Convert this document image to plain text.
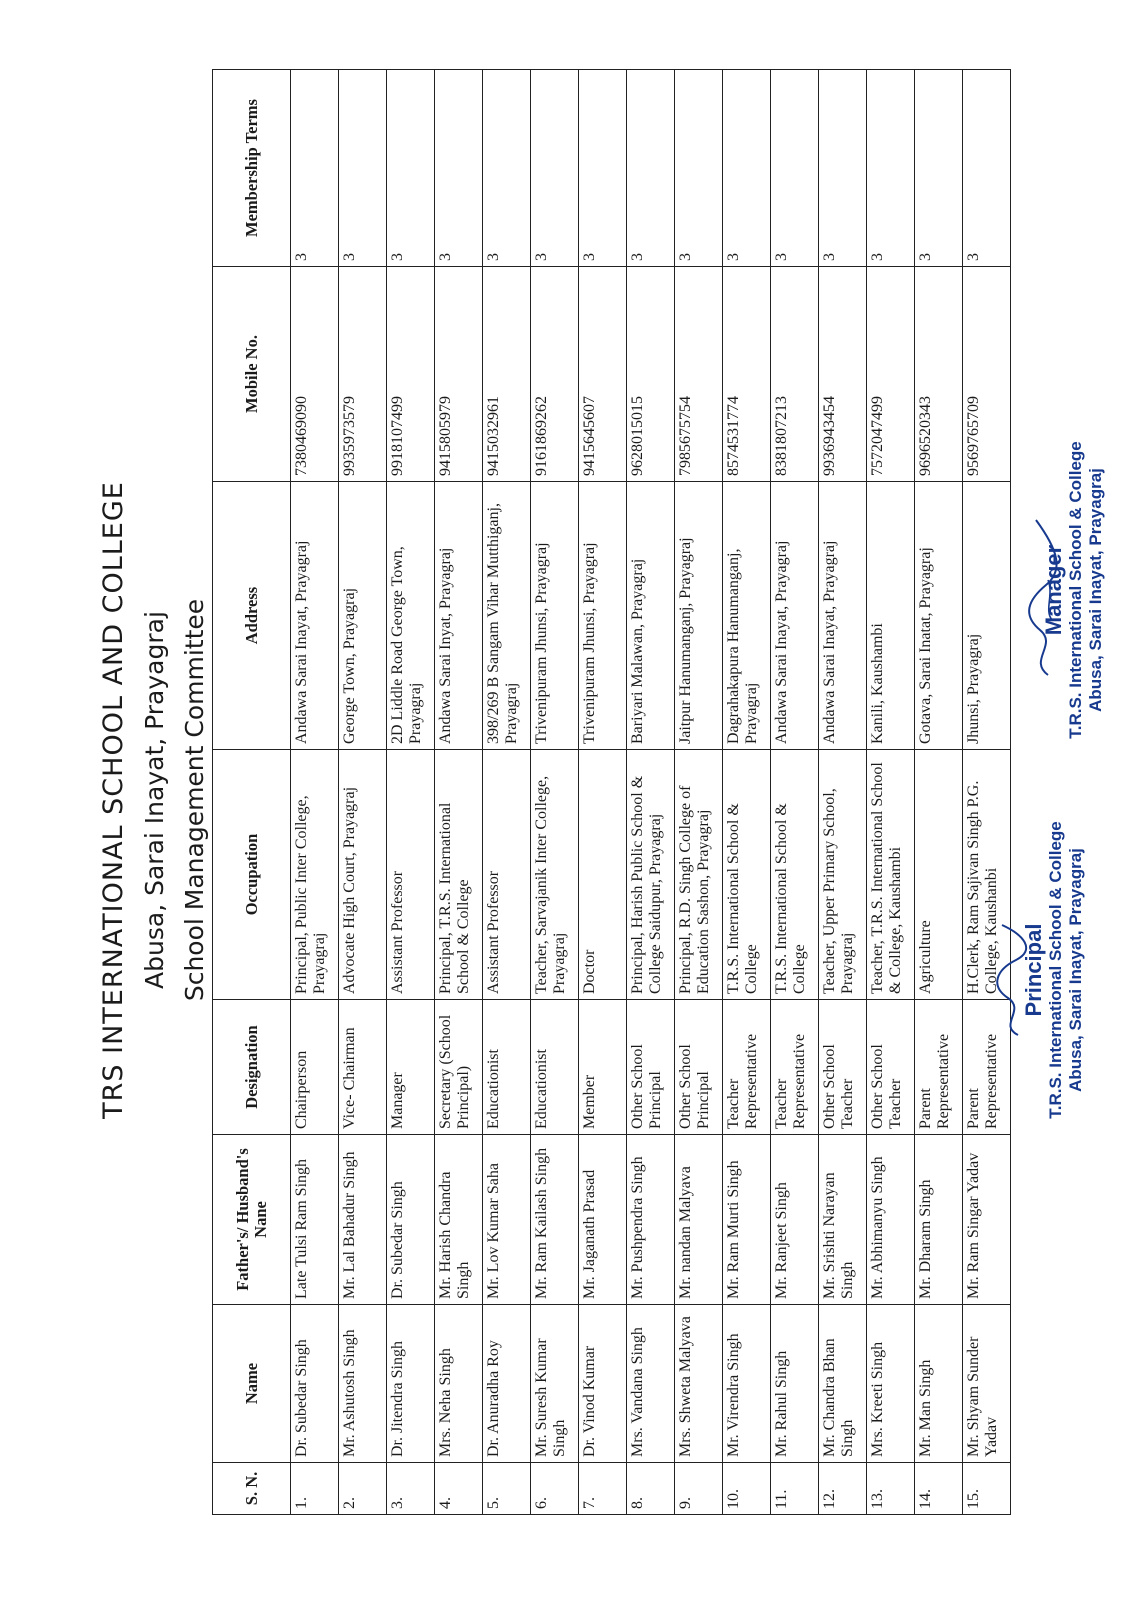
TRS INTERNATIONAL SCHOOL AND COLLEGE Abusa, Sarai Inayat, Prayagraj School Management Committee
S. N.	Name	Father's/ Husband's Nane	Designation	Occupation	Address	Mobile No.	Membership Terms
1.	Dr. Subedar Singh	Late Tulsi Ram Singh	Chairperson	Principal, Public Inter College, Prayagraj	Andawa Sarai Inayat, Prayagraj	7380469090	3
2.	Mr. Ashutosh Singh	Mr. Lal Bahadur Singh	Vice- Chairman	Advocate High Court, Prayagraj	George Town, Prayagraj	9935973579	3
3.	Dr. Jitendra Singh	Dr. Subedar Singh	Manager	Assistant Professor	2D Liddle Road George Town, Prayagraj	9918107499	3
4.	Mrs. Neha Singh	Mr. Harish Chandra Singh	Secretary (School Principal)	Principal, T.R.S. International School & College	Andawa Sarai Inyat, Prayagraj	9415805979	3
5.	Dr. Anuradha Roy	Mr. Lov Kumar Saha	Educationist	Assistant Professor	398/269 B Sangam Vihar Mutthiganj, Prayagraj	9415032961	3
6.	Mr. Suresh Kumar Singh	Mr. Ram Kailash Singh	Educationist	Teacher, Sarvajanik Inter College, Prayagraj	Trivenipuram Jhunsi, Prayagraj	9161869262	3
7.	Dr. Vinod Kumar	Mr. Jaganath Prasad	Member	Doctor	Trivenipuram Jhunsi, Prayagraj	9415645607	3
8.	Mrs. Vandana Singh	Mr. Pushpendra Singh	Other School Principal	Principal, Harish Public School & College Saidupur, Prayagraj	Bariyari Malawan, Prayagraj	9628015015	3
9.	Mrs. Shweta Malyava	Mr. nandan Malyava	Other School Principal	Principal, R.D. Singh College of Education Sashon, Prayagraj	Jaitpur Hanumanganj, Prayagraj	7985675754	3
10.	Mr. Virendra Singh	Mr. Ram Murti Singh	Teacher Representative	T.R.S. International School & College	Dagrahakapura Hanumanganj, Prayagraj	8574531774	3
11.	Mr. Rahul Singh	Mr. Ranjeet Singh	Teacher Representative	T.R.S. International School & College	Andawa Sarai Inayat, Prayagraj	8381807213	3
12.	Mr. Chandra Bhan Singh	Mr. Srishti Narayan Singh	Other School Teacher	Teacher, Upper Primary School, Prayagraj	Andawa Sarai Inayat, Prayagraj	9936943454	3
13.	Mrs. Kreeti Singh	Mr. Abhimanyu Singh	Other School Teacher	Teacher, T.R.S. International School & College, Kaushambi	Kanili, Kaushambi	7572047499	3
14.	Mr. Man Singh	Mr. Dharam Singh	Parent Representative	Agriculture	Gotava, Sarai Inatat, Prayagraj	9696520343	3
15.	Mr. Shyam Sunder Yadav	Mr. Ram Singar Yadav	Parent Representative	H.Clerk, Ram Sajivan Singh P.G. College, Kaushanbi	Jhunsi, Prayagraj	9569765709	3
Manager T.R.S. International School & College Abusa, Sarai Inayat, Prayagraj
Principal T.R.S. International School & College Abusa, Sarai Inayat, Prayagraj
